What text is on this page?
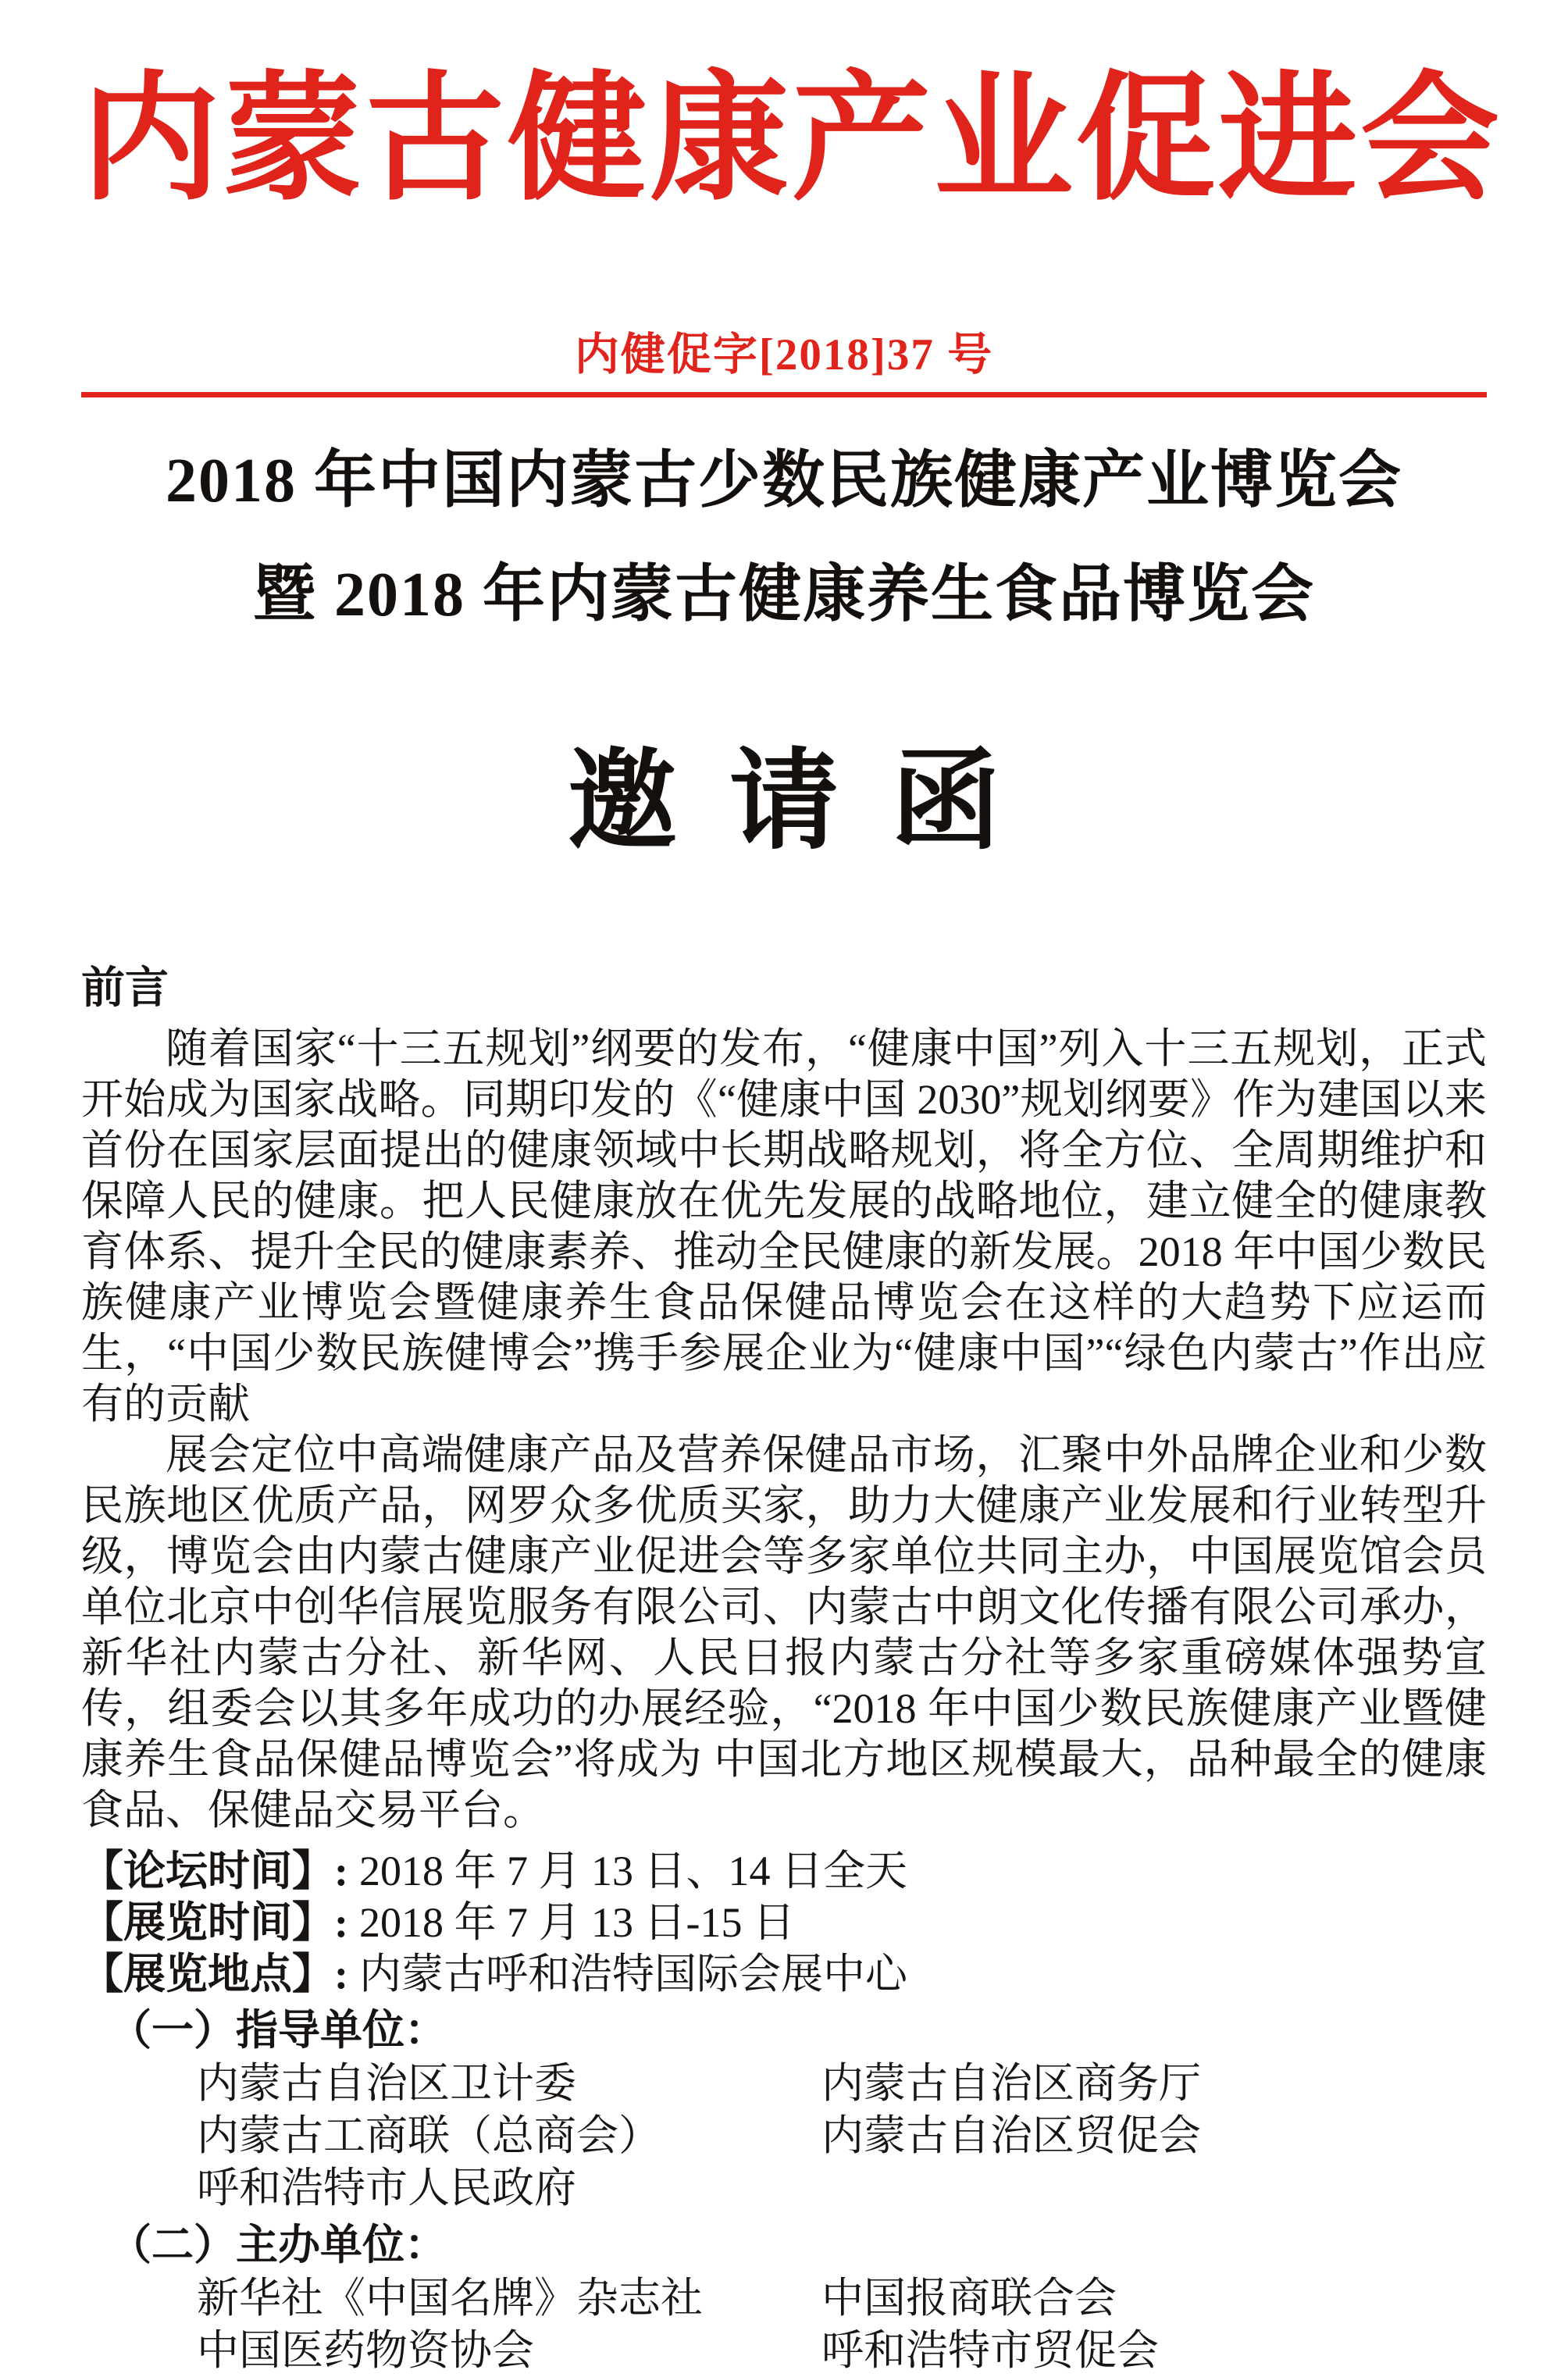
内蒙古健康产业促进会
内健促字[2018]37 号
2018 年中国内蒙古少数民族健康产业博览会
暨 2018 年内蒙古健康养生食品博览会
邀请函
前言

随着国家“十三五规划”纲要的发布，“健康中国”列入十三五规划，正式开始成为国家战略。同期印发的《“健康中国 2030”规划纲要》作为建国以来首份在国家层面提出的健康领域中长期战略规划，将全方位、全周期维护和保障人民的健康。把人民健康放在优先发展的战略地位，建立健全的健康教育体系、提升全民的健康素养、推动全民健康的新发展。2018 年中国少数民族健康产业博览会暨健康养生食品保健品博览会在这样的大趋势下应运而生，“中国少数民族健博会”携手参展企业为“健康中国”“绿色内蒙古”作出应有的贡献

展会定位中高端健康产品及营养保健品市场，汇聚中外品牌企业和少数民族地区优质产品，网罗众多优质买家，助力大健康产业发展和行业转型升级，博览会由内蒙古健康产业促进会等多家单位共同主办，中国展览馆会员单位北京中创华信展览服务有限公司、内蒙古中朗文化传播有限公司承办，新华社内蒙古分社、新华网、人民日报内蒙古分社等多家重磅媒体强势宣传，组委会以其多年成功的办展经验，“2018 年中国少数民族健康产业暨健康养生食品保健品博览会”将成为 中国北方地区规模最大，品种最全的健康食品、保健品交易平台。

【论坛时间】: 2018 年 7 月 13 日、14 日全天

【展览时间】: 2018 年 7 月 13 日-15 日

【展览地点】: 内蒙古呼和浩特国际会展中心

（一）指导单位：

内蒙古自治区卫计委	内蒙古自治区商务厅
内蒙古工商联（总商会）	内蒙古自治区贸促会
呼和浩特市人民政府

（二）主办单位：

新华社《中国名牌》杂志社	中国报商联合会
中国医药物资协会	呼和浩特市贸促会
